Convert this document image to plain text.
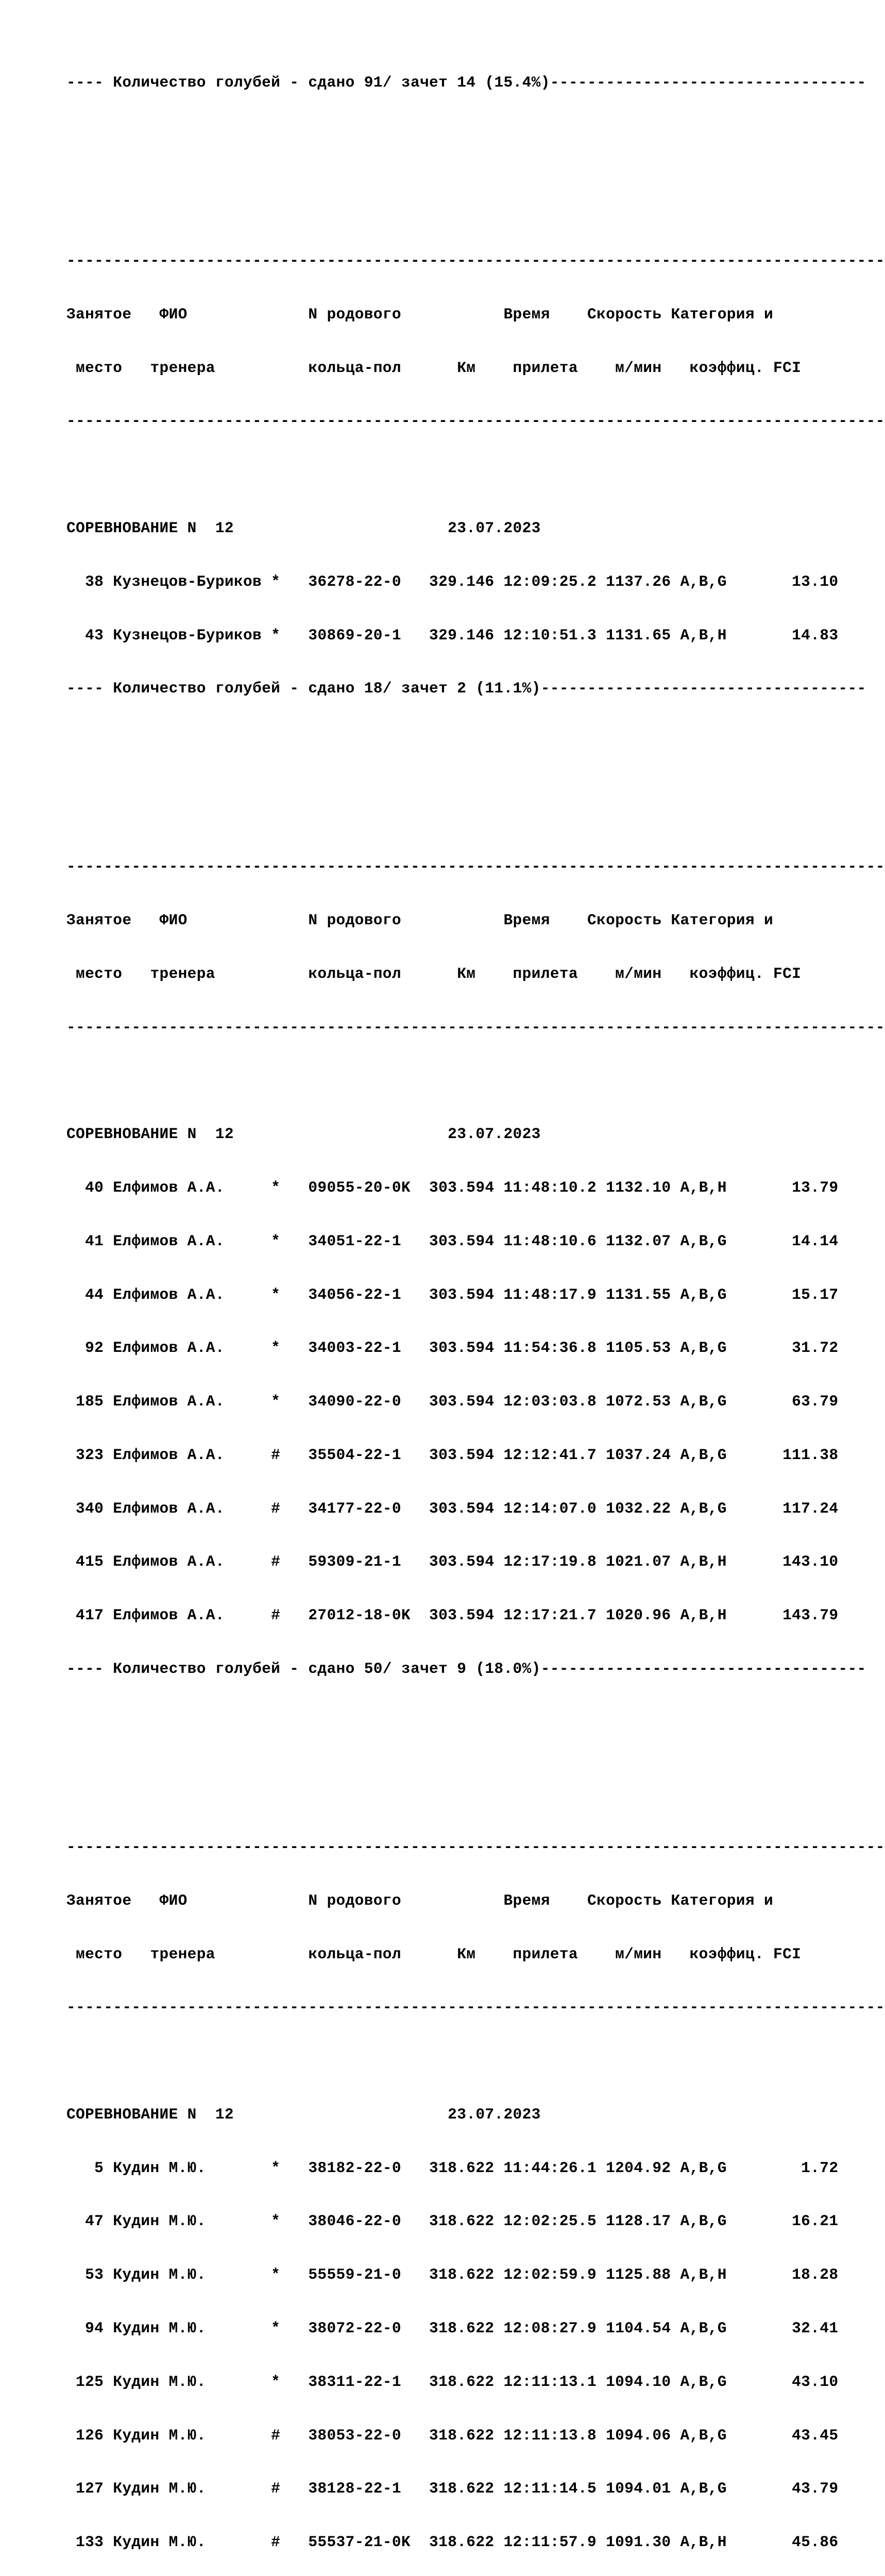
---- Количество голубей - сдано 91/ зачет 14 (15.4%)----------------------------------

----------------------------------------------------------------------------------------

Занятое   ФИО             N родового           Время    Скорость Категория и

место   тренера          кольца-пол      Км    прилета    м/мин   коэффиц. FCI

----------------------------------------------------------------------------------------

СОРЕВНОВАНИЕ N  12                       23.07.2023

38 Кузнецов-Буриков *   36278-22-0   329.146 12:09:25.2 1137.26 A,B,G       13.10

43 Кузнецов-Буриков *   30869-20-1   329.146 12:10:51.3 1131.65 A,B,H       14.83

---- Количество голубей - сдано 18/ зачет 2 (11.1%)-----------------------------------

----------------------------------------------------------------------------------------

Занятое   ФИО             N родового           Время    Скорость Категория и

место   тренера          кольца-пол      Км    прилета    м/мин   коэффиц. FCI

----------------------------------------------------------------------------------------

СОРЕВНОВАНИЕ N  12                       23.07.2023

40 Елфимов А.А.     *   09055-20-0K  303.594 11:48:10.2 1132.10 A,B,H       13.79

41 Елфимов А.А.     *   34051-22-1   303.594 11:48:10.6 1132.07 A,B,G       14.14

44 Елфимов А.А.     *   34056-22-1   303.594 11:48:17.9 1131.55 A,B,G       15.17

92 Елфимов А.А.     *   34003-22-1   303.594 11:54:36.8 1105.53 A,B,G       31.72

185 Елфимов А.А.     *   34090-22-0   303.594 12:03:03.8 1072.53 A,B,G       63.79

323 Елфимов А.А.     #   35504-22-1   303.594 12:12:41.7 1037.24 A,B,G      111.38

340 Елфимов А.А.     #   34177-22-0   303.594 12:14:07.0 1032.22 A,B,G      117.24

415 Елфимов А.А.     #   59309-21-1   303.594 12:17:19.8 1021.07 A,B,H      143.10

417 Елфимов А.А.     #   27012-18-0K  303.594 12:17:21.7 1020.96 A,B,H      143.79

---- Количество голубей - сдано 50/ зачет 9 (18.0%)-----------------------------------

----------------------------------------------------------------------------------------

Занятое   ФИО             N родового           Время    Скорость Категория и

место   тренера          кольца-пол      Км    прилета    м/мин   коэффиц. FCI

----------------------------------------------------------------------------------------

СОРЕВНОВАНИЕ N  12                       23.07.2023

5 Кудин М.Ю.       *   38182-22-0   318.622 11:44:26.1 1204.92 A,B,G        1.72

47 Кудин М.Ю.       *   38046-22-0   318.622 12:02:25.5 1128.17 A,B,G       16.21

53 Кудин М.Ю.       *   55559-21-0   318.622 12:02:59.9 1125.88 A,B,H       18.28

94 Кудин М.Ю.       *   38072-22-0   318.622 12:08:27.9 1104.54 A,B,G       32.41

125 Кудин М.Ю.       *   38311-22-1   318.622 12:11:13.1 1094.10 A,B,G       43.10

126 Кудин М.Ю.       #   38053-22-0   318.622 12:11:13.8 1094.06 A,B,G       43.45

127 Кудин М.Ю.       #   38128-22-1   318.622 12:11:14.5 1094.01 A,B,G       43.79

133 Кудин М.Ю.       #   55537-21-0K  318.622 12:11:57.9 1091.30 A,B,H       45.86
